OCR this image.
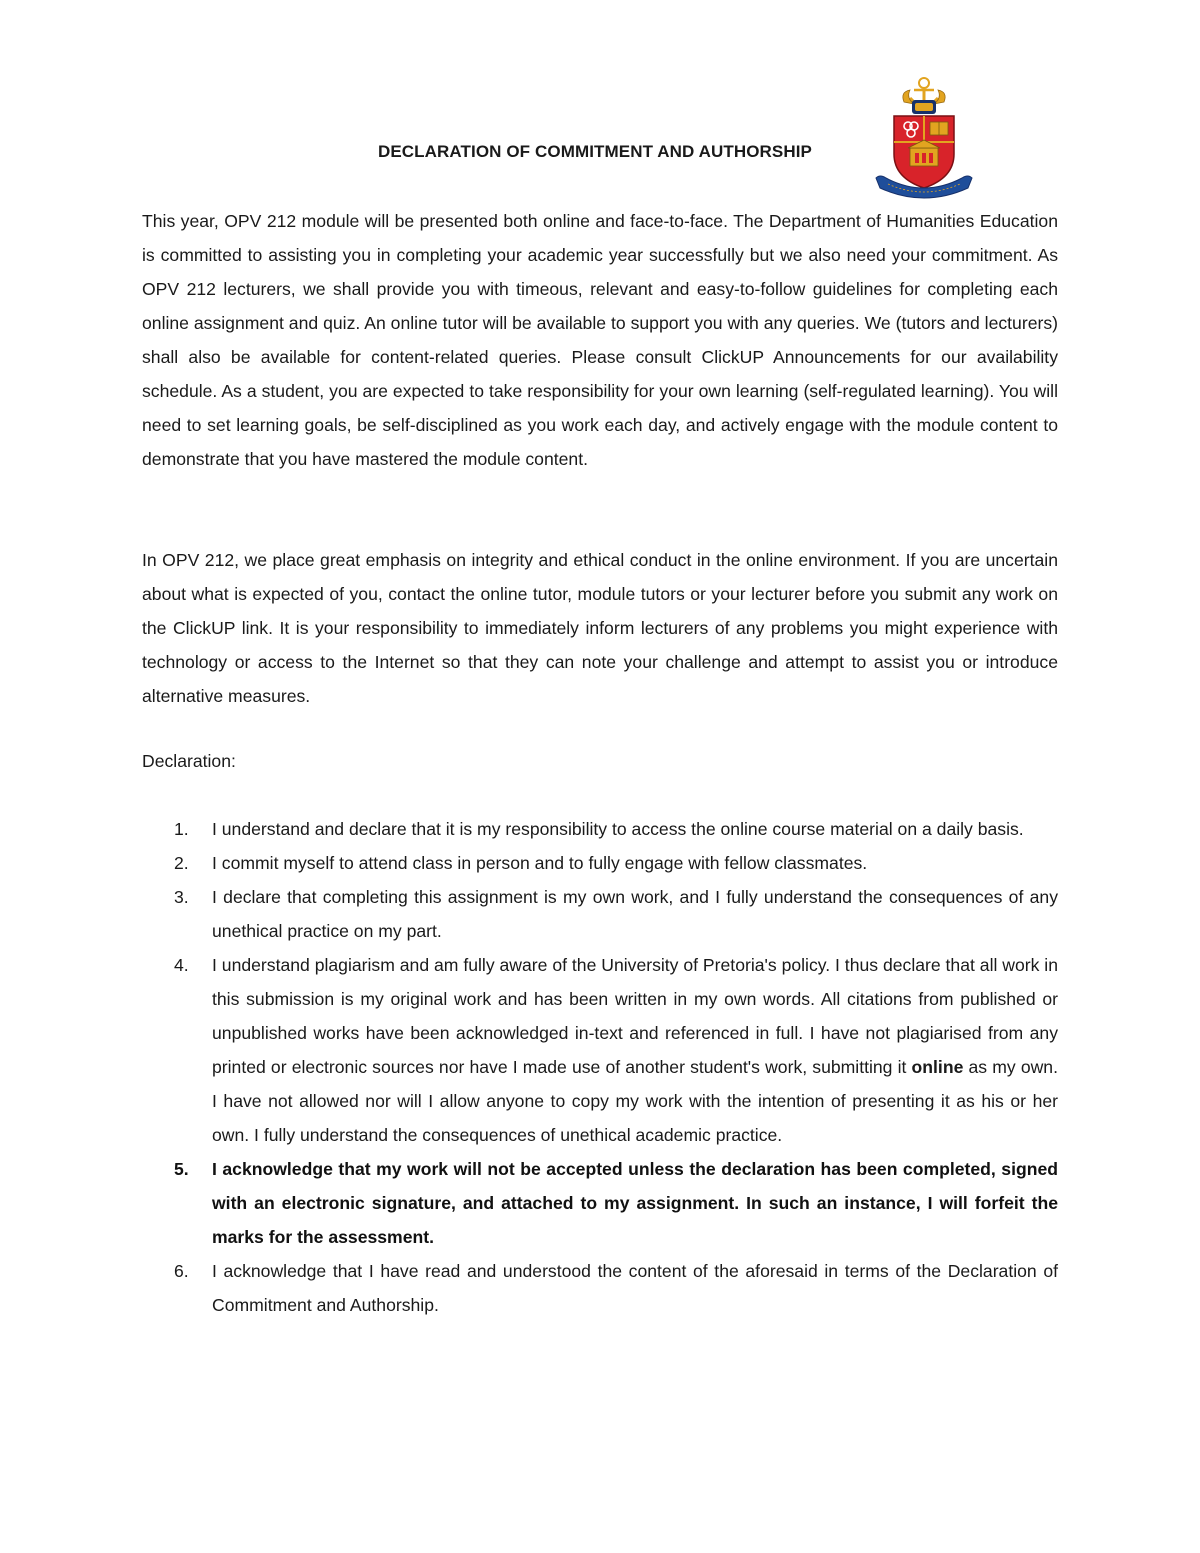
DECLARATION OF COMMITMENT AND AUTHORSHIP
This year, OPV 212 module will be presented both online and face-to-face. The Department of Humanities Education is committed to assisting you in completing your academic year successfully but we also need your commitment. As OPV 212 lecturers, we shall provide you with timeous, relevant and easy-to-follow guidelines for completing each online assignment and quiz. An online tutor will be available to support you with any queries. We (tutors and lecturers) shall also be available for content-related queries. Please consult ClickUP Announcements for our availability schedule. As a student, you are expected to take responsibility for your own learning (self-regulated learning). You will need to set learning goals, be self-disciplined as you work each day, and actively engage with the module content to demonstrate that you have mastered the module content.
In OPV 212, we place great emphasis on integrity and ethical conduct in the online environment. If you are uncertain about what is expected of you, contact the online tutor, module tutors or your lecturer before you submit any work on the ClickUP link. It is your responsibility to immediately inform lecturers of any problems you might experience with technology or access to the Internet so that they can note your challenge and attempt to assist you or introduce alternative measures.
Declaration:
1. I understand and declare that it is my responsibility to access the online course material on a daily basis.
2. I commit myself to attend class in person and to fully engage with fellow classmates.
3. I declare that completing this assignment is my own work, and I fully understand the consequences of any unethical practice on my part.
4. I understand plagiarism and am fully aware of the University of Pretoria's policy. I thus declare that all work in this submission is my original work and has been written in my own words. All citations from published or unpublished works have been acknowledged in-text and referenced in full. I have not plagiarised from any printed or electronic sources nor have I made use of another student's work, submitting it online as my own. I have not allowed nor will I allow anyone to copy my work with the intention of presenting it as his or her own. I fully understand the consequences of unethical academic practice.
5. I acknowledge that my work will not be accepted unless the declaration has been completed, signed with an electronic signature, and attached to my assignment. In such an instance, I will forfeit the marks for the assessment.
6. I acknowledge that I have read and understood the content of the aforesaid in terms of the Declaration of Commitment and Authorship.
